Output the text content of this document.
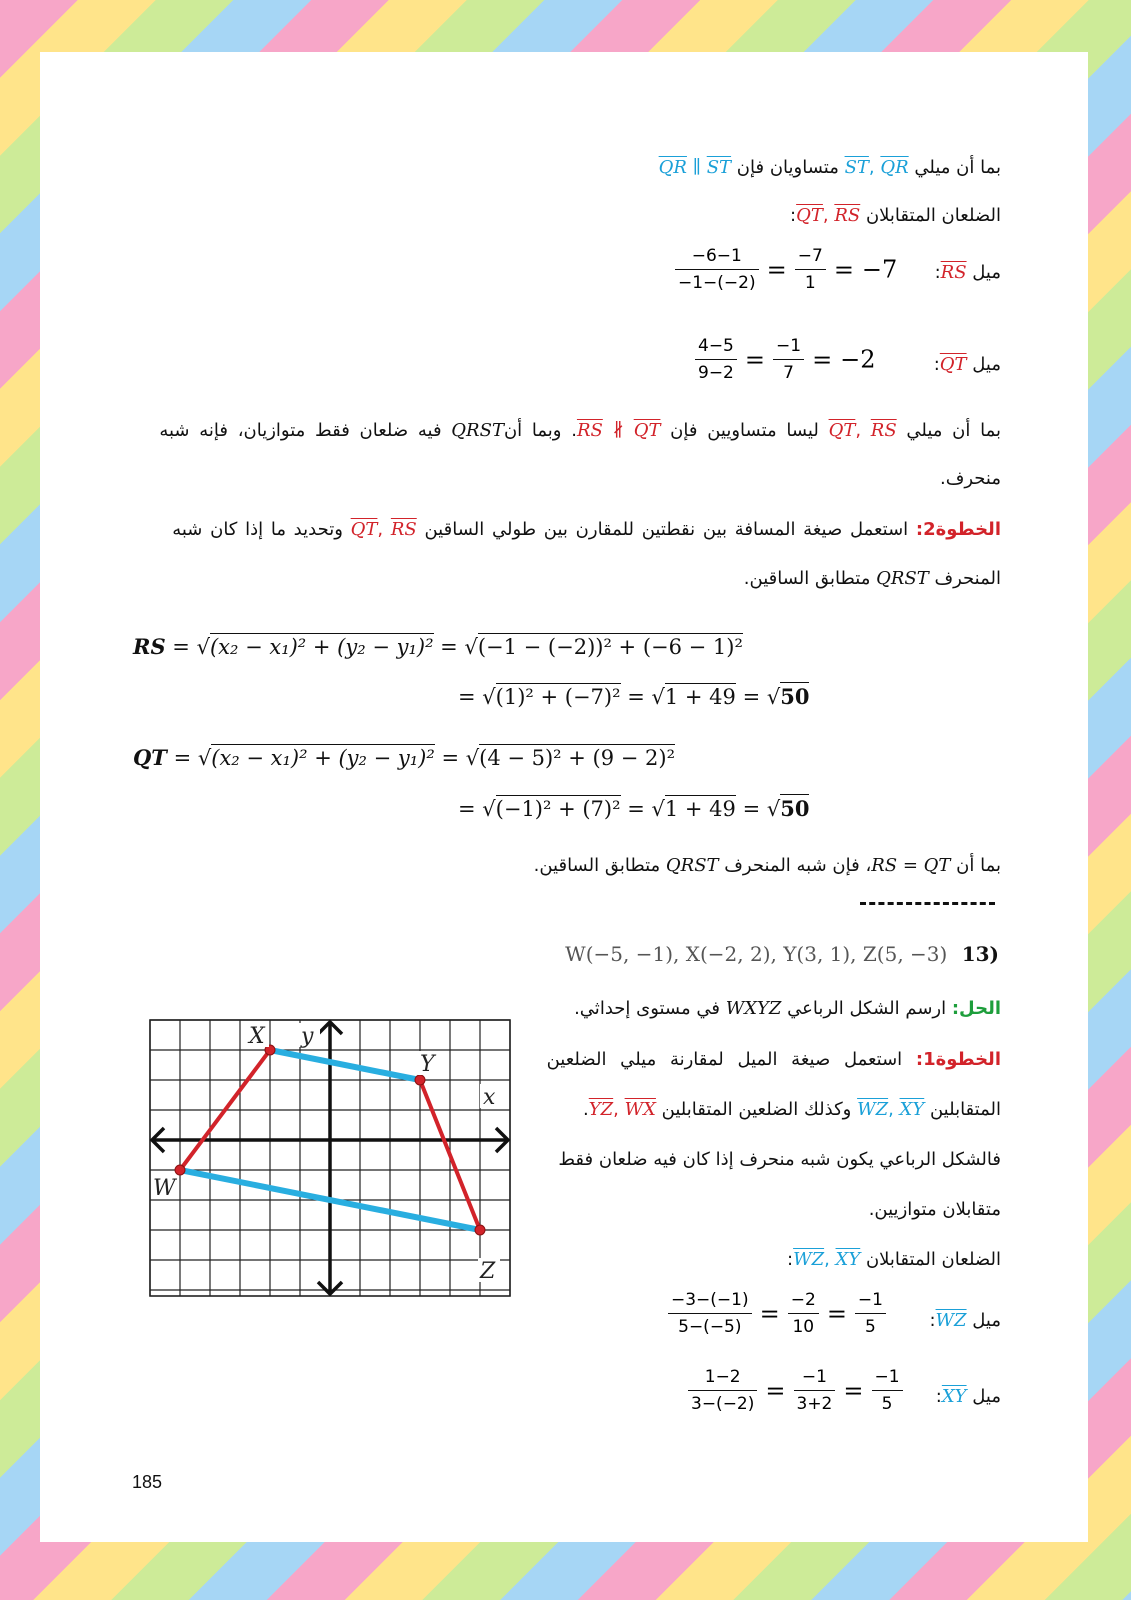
بما أن ميلي $\overline{QR}$ $,\overline{ST}$ متساويان فإن $\overline{QR}$ ∥ $\overline{ST}$
الضلعان المتقابلان $\overline{RS}$ $,\overline{QT}$:
ميل $\overline{RS}$:
$\frac{-6-1}{-1-(-2)} = \frac{-7}{1} = -7$
ميل $\overline{QT}$:
$\frac{4-5}{9-2} = \frac{-1}{7} = -2$
بما أن ميلي $\overline{RS}$ $,\overline{QT}$ ليسا متساويين فإن $\overline{RS}$ ∦ $\overline{QT}$. وبما أنQRST فيه ضلعان فقط متوازيان، فإنه شبه
منحرف.
الخطوة2: استعمل صيغة المسافة بين نقطتين للمقارن بين طولي الساقين $\overline{RS}$ $,\overline{QT}$ وتحديد ما إذا كان شبه
المنحرف QRST متطابق الساقين.
RS = √(x₂ − x₁)² + (y₂ − y₁)² = √(−1 − (−2))² + (−6 − 1)²
= √(1)² + (−7)² = √1 + 49 = √50
QT = √(x₂ − x₁)² + (y₂ − y₁)² = √(4 − 5)² + (9 − 2)²
= √(−1)² + (7)² = √1 + 49 = √50
بما أن RS = QT، فإن شبه المنحرف QRST متطابق الساقين.
W(−5, −1), X(−2, 2), Y(3, 1), Z(5, −3) 13)
الحل: ارسم الشكل الرباعي WXYZ في مستوى إحداثي.
الخطوة1: استعمل صيغة الميل لمقارنة ميلي الضلعين
المتقابلين $\overline{XY}$ $,\overline{WZ}$ وكذلك الضلعين المتقابلين $\overline{WX}$ $,\overline{YZ}$.
فالشكل الرباعي يكون شبه منحرف إذا كان فيه ضلعان فقط
متقابلان متوازيين.
الضلعان المتقابلان $\overline{XY}$ $,\overline{WZ}$:
ميل $\overline{WZ}$:
$\frac{-3-(-1)}{5-(-5)} = \frac{-2}{10} = \frac{-1}{5}$
ميل $\overline{XY}$:
$\frac{1-2}{3-(-2)} = \frac{-1}{3+2} = \frac{-1}{5}$
X y
Y
x
W
Z
185
